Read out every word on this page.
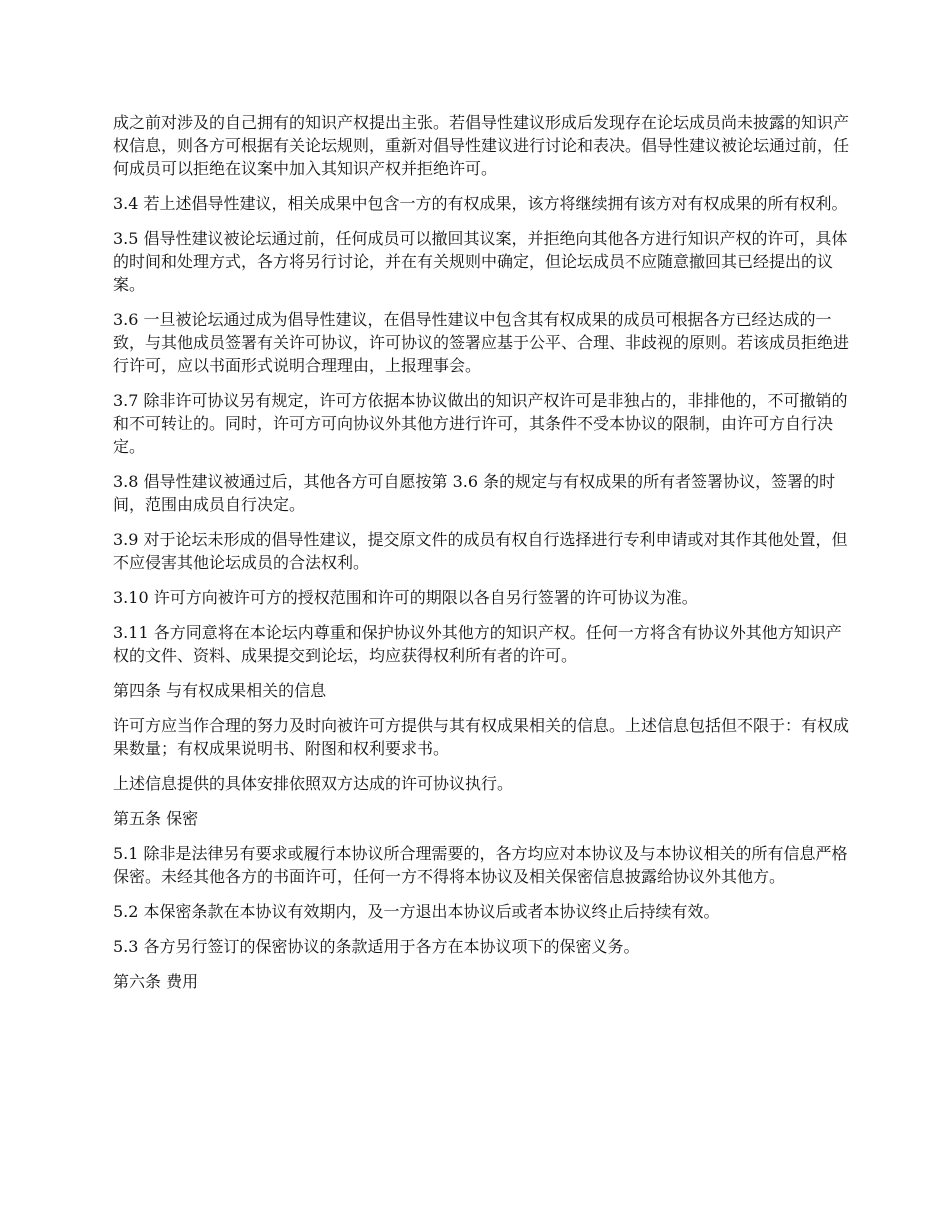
成之前对涉及的自己拥有的知识产权提出主张。若倡导性建议形成后发现存在论坛成员尚未披露的知识产权信息，则各方可根据有关论坛规则，重新对倡导性建议进行讨论和表决。倡导性建议被论坛通过前，任何成员可以拒绝在议案中加入其知识产权并拒绝许可。

3.4 若上述倡导性建议，相关成果中包含一方的有权成果，该方将继续拥有该方对有权成果的所有权利。

3.5 倡导性建议被论坛通过前，任何成员可以撤回其议案，并拒绝向其他各方进行知识产权的许可，具体的时间和处理方式，各方将另行讨论，并在有关规则中确定，但论坛成员不应随意撤回其已经提出的议案。

3.6 一旦被论坛通过成为倡导性建议，在倡导性建议中包含其有权成果的成员可根据各方已经达成的一致，与其他成员签署有关许可协议，许可协议的签署应基于公平、合理、非歧视的原则。若该成员拒绝进行许可，应以书面形式说明合理理由，上报理事会。

3.7 除非许可协议另有规定，许可方依据本协议做出的知识产权许可是非独占的，非排他的，不可撤销的和不可转让的。同时，许可方可向协议外其他方进行许可，其条件不受本协议的限制，由许可方自行决定。

3.8 倡导性建议被通过后，其他各方可自愿按第 3.6 条的规定与有权成果的所有者签署协议，签署的时间，范围由成员自行决定。

3.9 对于论坛未形成的倡导性建议，提交原文件的成员有权自行选择进行专利申请或对其作其他处置，但不应侵害其他论坛成员的合法权利。

3.10 许可方向被许可方的授权范围和许可的期限以各自另行签署的许可协议为准。

3.11 各方同意将在本论坛内尊重和保护协议外其他方的知识产权。任何一方将含有协议外其他方知识产权的文件、资料、成果提交到论坛，均应获得权利所有者的许可。

第四条 与有权成果相关的信息

许可方应当作合理的努力及时向被许可方提供与其有权成果相关的信息。上述信息包括但不限于：有权成果数量；有权成果说明书、附图和权利要求书。

上述信息提供的具体安排依照双方达成的许可协议执行。

第五条 保密

5.1 除非是法律另有要求或履行本协议所合理需要的，各方均应对本协议及与本协议相关的所有信息严格保密。未经其他各方的书面许可，任何一方不得将本协议及相关保密信息披露给协议外其他方。

5.2 本保密条款在本协议有效期内，及一方退出本协议后或者本协议终止后持续有效。

5.3 各方另行签订的保密协议的条款适用于各方在本协议项下的保密义务。

第六条 费用
